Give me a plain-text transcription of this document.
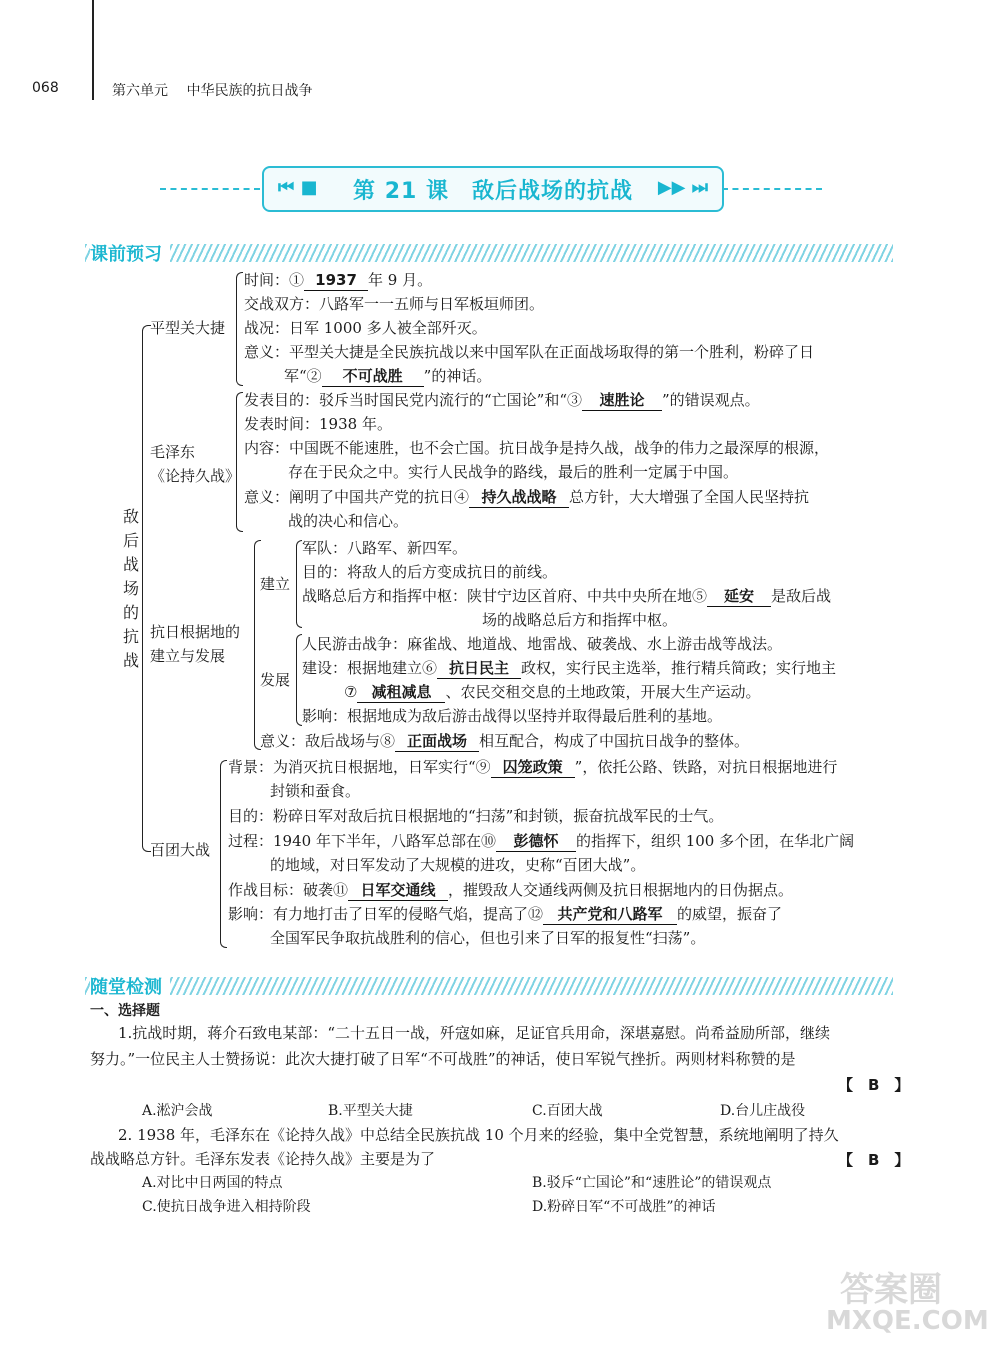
068	第六单元　 中华民族的抗日战争
⏮ ■	第 21 课　敌后战场的抗战	▶▶ ⏭
课前预习
敌后战场的抗战
平型关大捷
时间：① 1937 年 9 月。
交战双方：八路军一一五师与日军板垣师团。
战况：日军 1000 多人被全部歼灭。
意义：平型关大捷是全民族抗战以来中国军队在正面战场取得的第一个胜利，粉碎了日
军“② 不可战胜 ”的神话。
毛泽东
《论持久战》
发表目的：驳斥当时国民党内流行的“亡国论”和“③ 速胜论 ”的错误观点。
发表时间：1938 年。
内容：中国既不能速胜，也不会亡国。抗日战争是持久战，战争的伟力之最深厚的根源，
存在于民众之中。实行人民战争的路线，最后的胜利一定属于中国。
意义：阐明了中国共产党的抗日④ 持久战战略 总方针，大大增强了全国人民坚持抗
战的决心和信心。
抗日根据地的
建立与发展
建立
军队：八路军、新四军。
目的：将敌人的后方变成抗日的前线。
战略总后方和指挥中枢：陕甘宁边区首府、中共中央所在地⑤ 延安 是敌后战
场的战略总后方和指挥中枢。
发展
人民游击战争：麻雀战、地道战、地雷战、破袭战、水上游击战等战法。
建设：根据地建立⑥ 抗日民主 政权，实行民主选举，推行精兵简政；实行地主
⑦ 减租减息 、农民交租交息的土地政策，开展大生产运动。
影响：根据地成为敌后游击战得以坚持并取得最后胜利的基地。
意义：敌后战场与⑧ 正面战场 相互配合，构成了中国抗日战争的整体。
百团大战
背景：为消灭抗日根据地，日军实行“⑨ 囚笼政策 ”，依托公路、铁路，对抗日根据地进行
封锁和蚕食。
目的：粉碎日军对敌后抗日根据地的“扫荡”和封锁，振奋抗战军民的士气。
过程：1940 年下半年，八路军总部在⑩ 彭德怀 的指挥下，组织 100 多个团，在华北广阔
的地域，对日军发动了大规模的进攻，史称“百团大战”。
作战目标：破袭⑪ 日军交通线 ，摧毁敌人交通线两侧及抗日根据地内的日伪据点。
影响：有力地打击了日军的侵略气焰，提高了⑫ 共产党和八路军 的威望，振奋了
全国军民争取抗战胜利的信心，但也引来了日军的报复性“扫荡”。
随堂检测
一、选择题
1.抗战时期，蒋介石致电某部：“二十五日一战，歼寇如麻，足证官兵用命，深堪嘉慰。尚希益励所部，继续
努力。”一位民主人士赞扬说：此次大捷打破了日军“不可战胜”的神话，使日军锐气挫折。两则材料称赞的是
【　B　】
A.淞沪会战	B.平型关大捷	C.百团大战	D.台儿庄战役
2. 1938 年，毛泽东在《论持久战》中总结全民族抗战 10 个月来的经验，集中全党智慧，系统地阐明了持久
战战略总方针。毛泽东发表《论持久战》主要是为了	【　B　】
A.对比中日两国的特点	B.驳斥“亡国论”和“速胜论”的错误观点
C.使抗日战争进入相持阶段	D.粉碎日军“不可战胜”的神话
答案圈
MXQE.COM
